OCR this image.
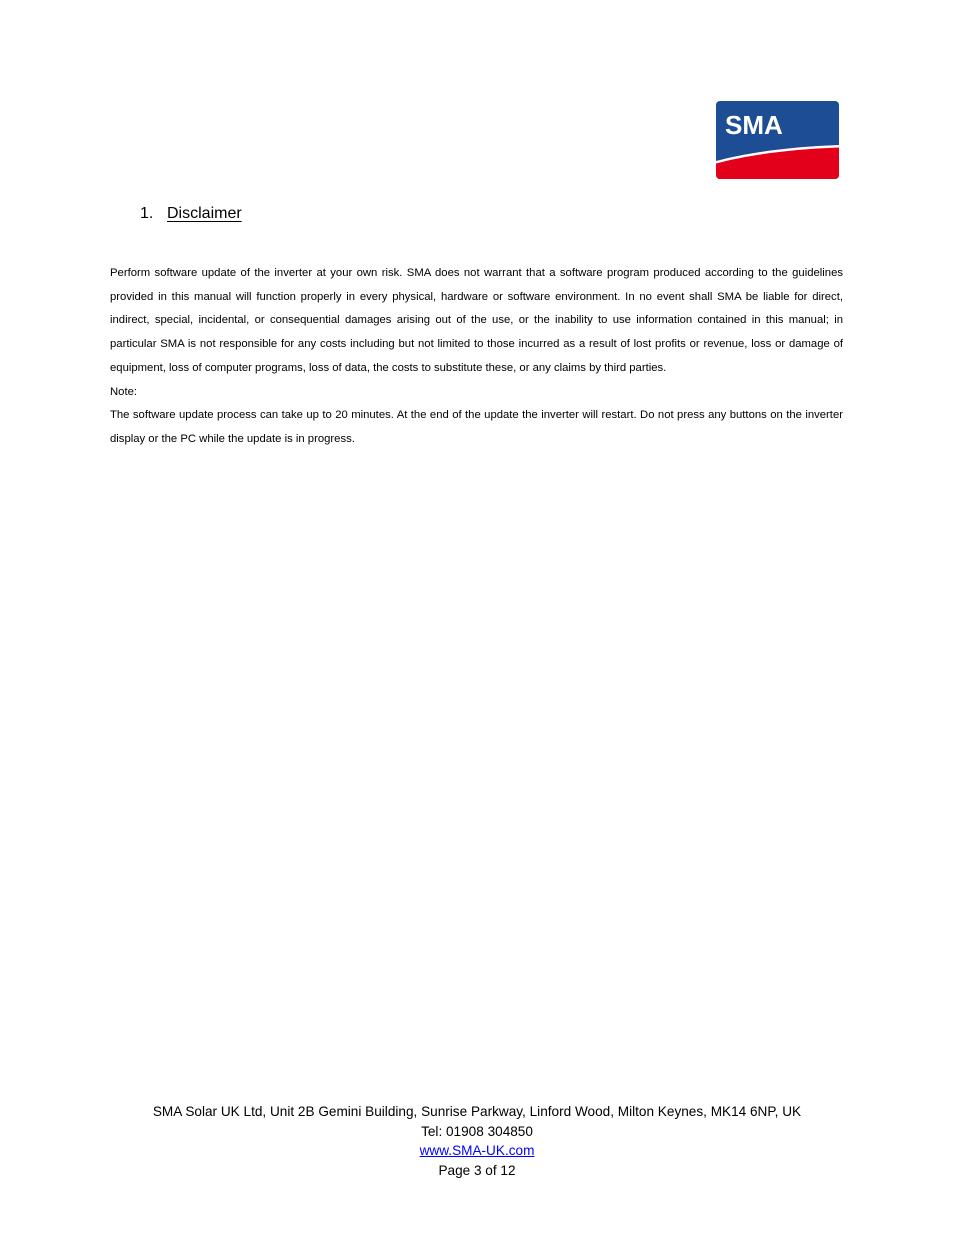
SMA
1. Disclaimer

Perform software update of the inverter at your own risk. SMA does not warrant that a software program produced according to the guidelines provided in this manual will function properly in every physical, hardware or software environment. In no event shall SMA be liable for direct, indirect, special, incidental, or consequential damages arising out of the use, or the inability to use information contained in this manual; in particular SMA is not responsible for any costs including but not limited to those incurred as a result of lost profits or revenue, loss or damage of equipment, loss of computer programs, loss of data, the costs to substitute these, or any claims by third parties.

Note:

The software update process can take up to 20 minutes. At the end of the update the inverter will restart. Do not press any buttons on the inverter display or the PC while the update is in progress.

SMA Solar UK Ltd, Unit 2B Gemini Building, Sunrise Parkway, Linford Wood, Milton Keynes, MK14 6NP, UK
Tel: 01908 304850
www.SMA-UK.com
Page 3 of 12
